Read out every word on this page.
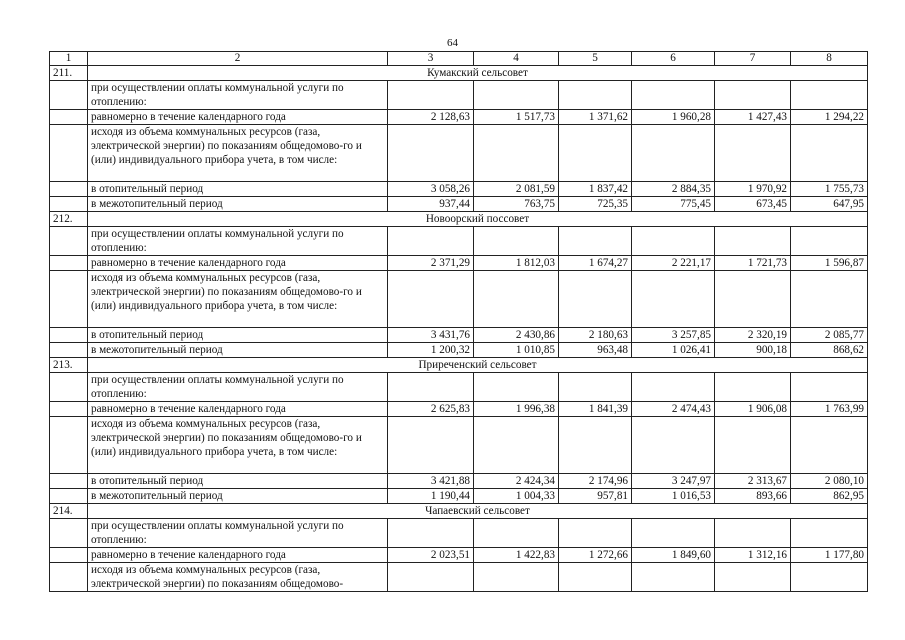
64
1	2	3	4	5	6	7	8
211.	Кумакский сельсовет						
	при осуществлении оплаты коммунальной услуги по отоплению:						
	равномерно в течение календарного года	2 128,63	1 517,73	1 371,62	1 960,28	1 427,43	1 294,22
	исходя из объема коммунальных ресурсов (газа, электрической энергии) по показаниям общедомово-го и (или) индивидуального прибора учета, в том числе:						
	в отопительный период	3 058,26	2 081,59	1 837,42	2 884,35	1 970,92	1 755,73
	в межотопительный период	937,44	763,75	725,35	775,45	673,45	647,95
212.	Новоорский поссовет						
	при осуществлении оплаты коммунальной услуги по отоплению:						
	равномерно в течение календарного года	2 371,29	1 812,03	1 674,27	2 221,17	1 721,73	1 596,87
	исходя из объема коммунальных ресурсов (газа, электрической энергии) по показаниям общедомово-го и (или) индивидуального прибора учета, в том числе:						
	в отопительный период	3 431,76	2 430,86	2 180,63	3 257,85	2 320,19	2 085,77
	в межотопительный период	1 200,32	1 010,85	963,48	1 026,41	900,18	868,62
213.	Приреченский сельсовет						
	при осуществлении оплаты коммунальной услуги по отоплению:						
	равномерно в течение календарного года	2 625,83	1 996,38	1 841,39	2 474,43	1 906,08	1 763,99
	исходя из объема коммунальных ресурсов (газа, электрической энергии) по показаниям общедомово-го и (или) индивидуального прибора учета, в том числе:						
	в отопительный период	3 421,88	2 424,34	2 174,96	3 247,97	2 313,67	2 080,10
	в межотопительный период	1 190,44	1 004,33	957,81	1 016,53	893,66	862,95
214.	Чапаевский сельсовет						
	при осуществлении оплаты коммунальной услуги по отоплению:						
	равномерно в течение календарного года	2 023,51	1 422,83	1 272,66	1 849,60	1 312,16	1 177,80
	исходя из объема коммунальных ресурсов (газа, электрической энергии) по показаниям общедомово-						
